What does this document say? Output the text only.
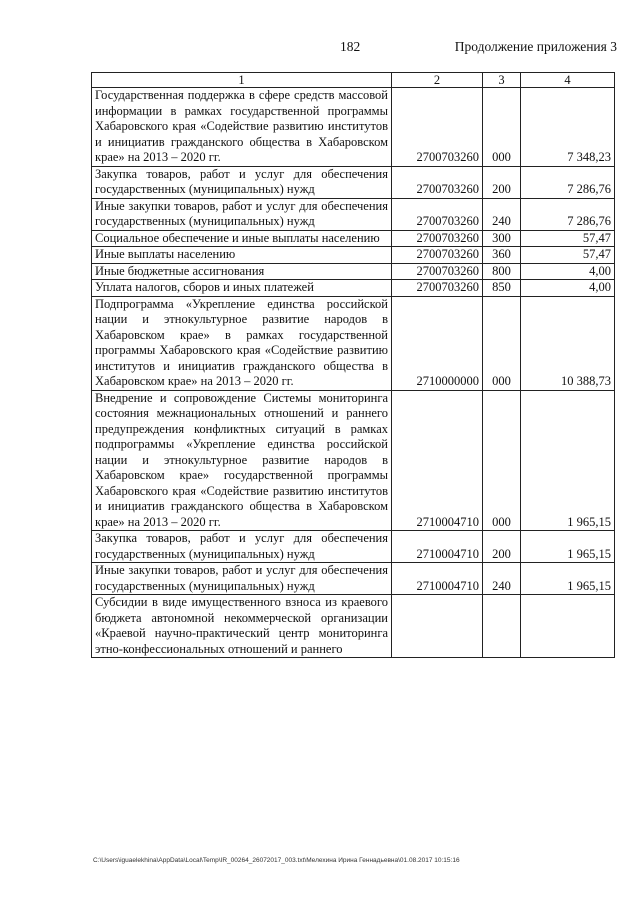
182	Продолжение приложения 3
1	2	3	4
Государственная поддержка в сфере средств массовой информации в рамках государственной программы Хабаровского края «Содействие развитию институтов и инициатив гражданского общества в Хабаровском крае» на 2013 – 2020 гг.	2700703260	000	7 348,23
Закупка товаров, работ и услуг для обеспечения государственных (муниципальных) нужд	2700703260	200	7 286,76
Иные закупки товаров, работ и услуг для обеспечения государственных (муниципальных) нужд	2700703260	240	7 286,76
Социальное обеспечение и иные выплаты населению	2700703260	300	57,47
Иные выплаты населению	2700703260	360	57,47
Иные бюджетные ассигнования	2700703260	800	4,00
Уплата налогов, сборов и иных платежей	2700703260	850	4,00
Подпрограмма «Укрепление единства российской нации и этнокультурное развитие народов в Хабаровском крае» в рамках государственной программы Хабаровского края «Содействие развитию институтов и инициатив гражданского общества в Хабаровском крае» на 2013 – 2020 гг.	2710000000	000	10 388,73
Внедрение и сопровождение Системы мониторинга состояния межнациональных отношений и раннего предупреждения конфликтных ситуаций в рамках подпрограммы «Укрепление единства российской нации и этнокультурное развитие народов в Хабаровском крае» государственной программы Хабаровского края «Содействие развитию институтов и инициатив гражданского общества в Хабаровском крае» на 2013 – 2020 гг.	2710004710	000	1 965,15
Закупка товаров, работ и услуг для обеспечения государственных (муниципальных) нужд	2710004710	200	1 965,15
Иные закупки товаров, работ и услуг для обеспечения государственных (муниципальных) нужд	2710004710	240	1 965,15
Субсидии в виде имущественного взноса из краевого бюджета автономной некоммерческой организации «Краевой научно-практический центр мониторинга этно-конфессиональных отношений и раннего			
C:\Users\iguaelekhina\AppData\Local\Temp\IR_00264_26072017_003.txt\Мелехина Ирина Геннадьевна\01.08.2017 10:15:16
